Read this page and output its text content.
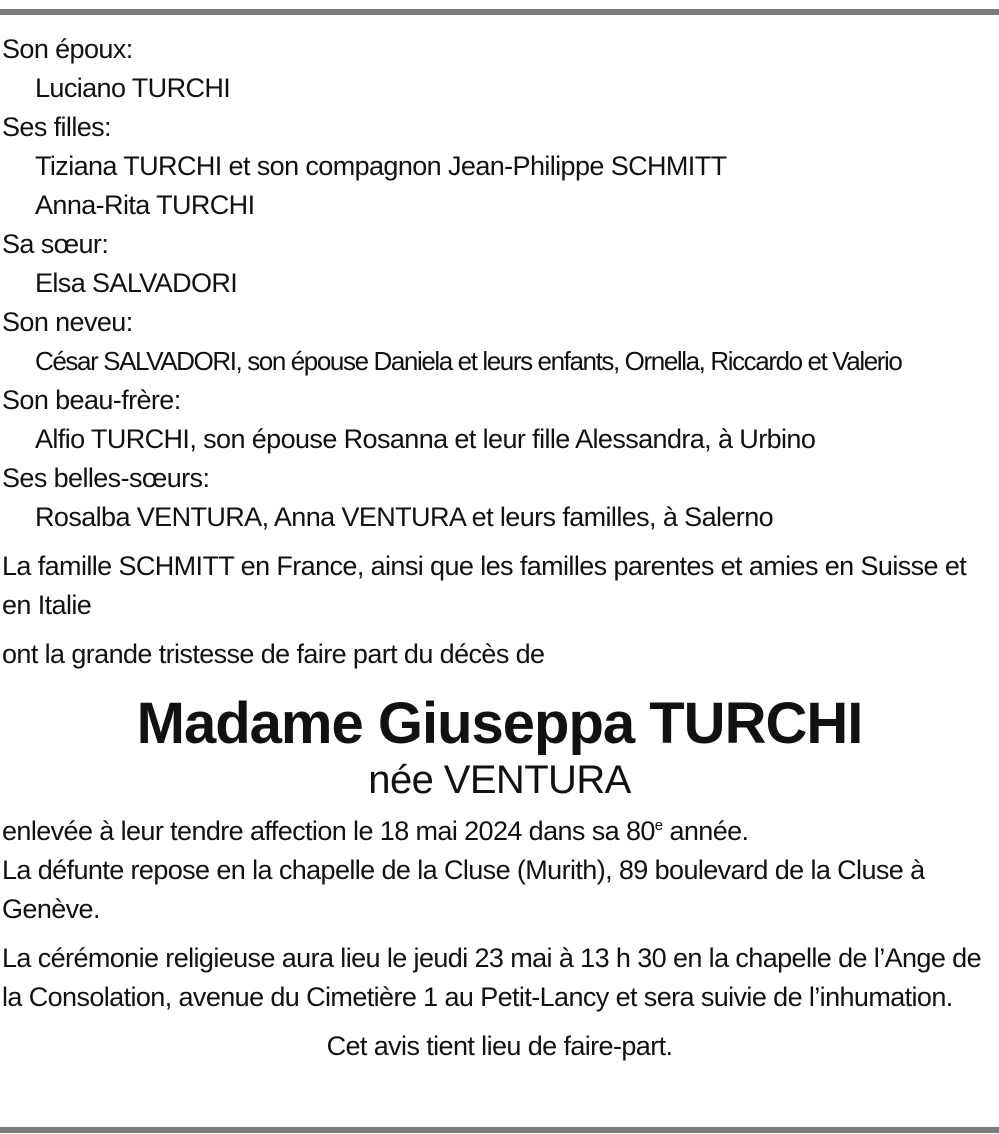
Son époux:
Luciano TURCHI
Ses filles:
Tiziana TURCHI et son compagnon Jean-Philippe SCHMITT
Anna-Rita TURCHI
Sa sœur:
Elsa SALVADORI
Son neveu:
César SALVADORI, son épouse Daniela et leurs enfants, Ornella, Riccardo et Valerio
Son beau-frère:
Alfio TURCHI, son épouse Rosanna et leur fille Alessandra, à Urbino
Ses belles-sœurs:
Rosalba VENTURA, Anna VENTURA et leurs familles, à Salerno
La famille SCHMITT en France, ainsi que les familles parentes et amies en Suisse et en Italie
ont la grande tristesse de faire part du décès de
Madame Giuseppa TURCHI
née VENTURA
enlevée à leur tendre affection le 18 mai 2024 dans sa 80e année.
La défunte repose en la chapelle de la Cluse (Murith), 89 boulevard de la Cluse à Genève.
La cérémonie religieuse aura lieu le jeudi 23 mai à 13 h 30 en la chapelle de l’Ange de la Consolation, avenue du Cimetière 1 au Petit-Lancy et sera suivie de l’inhumation.
Cet avis tient lieu de faire-part.
